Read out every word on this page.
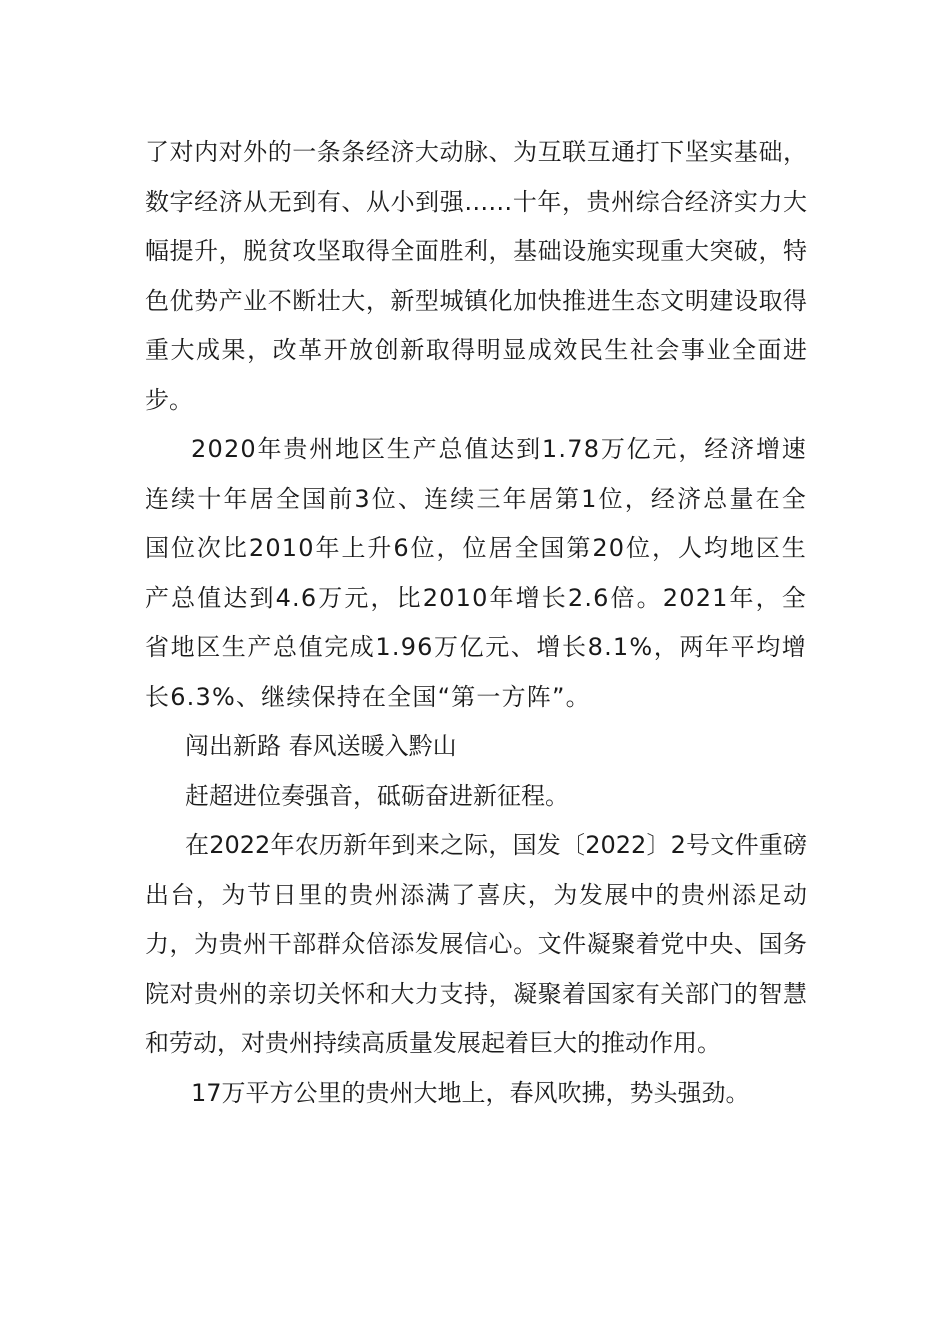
了对内对外的一条条经济大动脉、为互联互通打下坚实基础，数字经济从无到有、从小到强……十年，贵州综合经济实力大幅提升，脱贫攻坚取得全面胜利，基础设施实现重大突破，特色优势产业不断壮大，新型城镇化加快推进生态文明建设取得重大成果，改革开放创新取得明显成效民生社会事业全面进步。

2020年贵州地区生产总值达到1.78万亿元，经济增速连续十年居全国前3位、连续三年居第1位，经济总量在全国位次比2010年上升6位，位居全国第20位，人均地区生产总值达到4.6万元，比2010年增长2.6倍。2021年，全省地区生产总值完成1.96万亿元、增长8.1%，两年平均增长6.3%、继续保持在全国“第一方阵”。

闯出新路 春风送暖入黔山

赶超进位奏强音，砥砺奋进新征程。

在2022年农历新年到来之际，国发〔2022〕2号文件重磅出台，为节日里的贵州添满了喜庆，为发展中的贵州添足动力，为贵州干部群众倍添发展信心。文件凝聚着党中央、国务院对贵州的亲切关怀和大力支持，凝聚着国家有关部门的智慧和劳动，对贵州持续高质量发展起着巨大的推动作用。

17万平方公里的贵州大地上，春风吹拂，势头强劲。
